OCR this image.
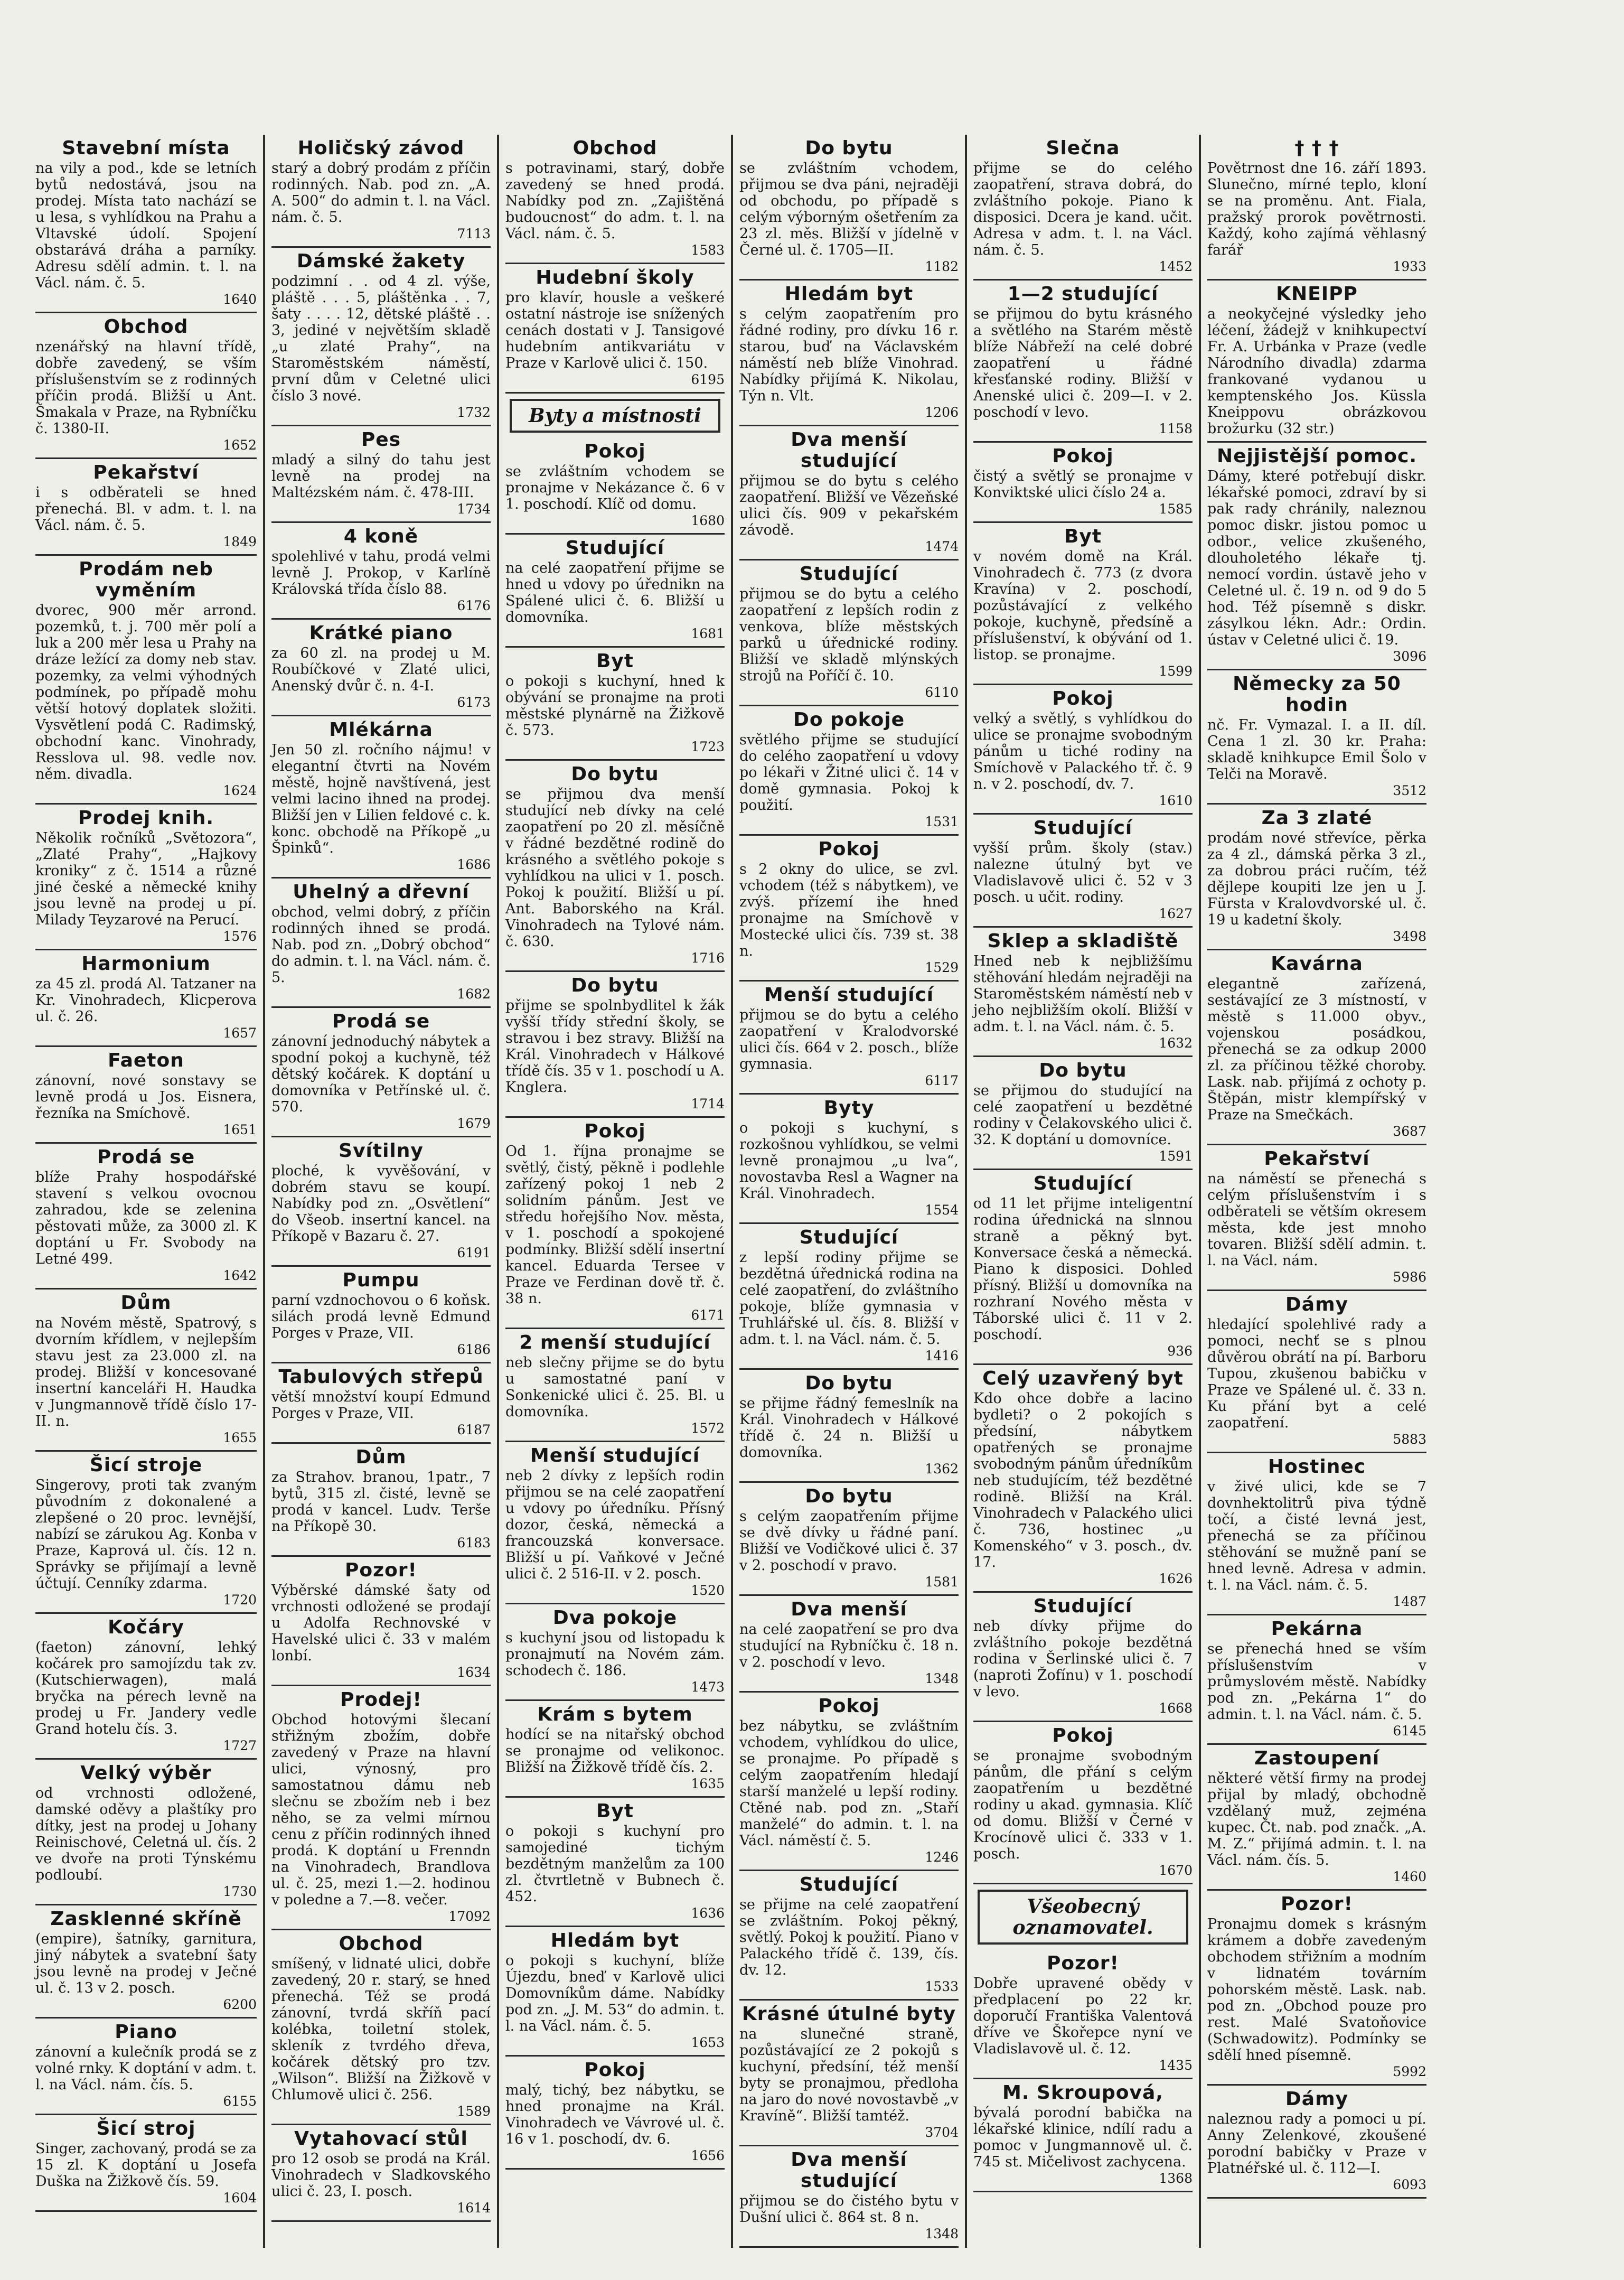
Stavební místa
na vily a pod., kde se letních bytů nedostává, jsou na prodej. Místa tato nachází se u lesa, s vyhlídkou na Prahu a Vltavské údolí. Spojení obstarává dráha a parníky. Adresu sdělí admin. t. l. na Václ. nám. č. 5.
1640
Obchod
nzenářský na hlavní třídě, dobře zavedený, se vším příslušenstvím se z rodinných příčin prodá. Bližší u Ant. Šmakala v Praze, na Rybníčku č. 1380-II.
1652
Pekařství
i s odběrateli se hned přenechá. Bl. v adm. t. l. na Václ. nám. č. 5.
1849
Prodám neb vyměním
dvorec, 900 měr arrond. pozemků, t. j. 700 měr polí a luk a 200 měr lesa u Prahy na dráze ležící za domy neb stav. pozemky, za velmi výhodných podmínek, po případě mohu větší hotový doplatek složiti. Vysvětlení podá C. Radimský, obchodní kanc. Vinohrady, Resslova ul. 98. vedle nov. něm. divadla.
1624
Prodej knih.
Několik ročníků „Světozora“, „Zlaté Prahy“, „Hajkovy kroniky“ z č. 1514 a různé jiné české a německé knihy jsou levně na prodej u pí. Milady Teyzarové na Perucí.
1576
Harmonium
za 45 zl. prodá Al. Tatzaner na Kr. Vinohradech, Klicperova ul. č. 26.
1657
Faeton
zánovní, nové sonstavy se levně prodá u Jos. Eisnera, řezníka na Smíchově.
1651
Prodá se
blíže Prahy hospodářské stavení s velkou ovocnou zahradou, kde se zelenina pěstovati může, za 3000 zl. K doptání u Fr. Svobody na Letné 499.
1642
Dům
na Novém městě, Spatrový, s dvorním křídlem, v nejlepším stavu jest za 23.000 zl. na prodej. Bližší v koncesované insertní kanceláři H. Haudka v Jungmannově třídě číslo 17-II. n.
1655
Šicí stroje
Singerovy, proti tak zvaným původním z dokonalené a zlepšené o 20 proc. levnější, nabízí se zárukou Ag. Konba v Praze, Kaprová ul. čís. 12 n. Správky se přijímají a levně účtují. Cenníky zdarma.
1720
Kočáry
(faeton) zánovní, lehký kočárek pro samojízdu tak zv. (Kutschierwagen), malá bryčka na pérech levně na prodej u Fr. Jandery vedle Grand hotelu čís. 3.
1727
Velký výběr
od vrchnosti odložené, damské oděvy a plaštíky pro dítky, jest na prodej u Johany Reinischové, Celetná ul. čís. 2 ve dvoře na proti Týnskému podloubí.
1730
Zasklenné skříně
(empire), šatníky, garnitura, jiný nábytek a svatební šaty jsou levně na prodej v Ječné ul. č. 13 v 2. posch.
6200
Piano
zánovní a kulečník prodá se z volné rnky. K doptání v adm. t. l. na Václ. nám. čís. 5.
6155
Šicí stroj
Singer, zachovaný, prodá se za 15 zl. K doptání u Josefa Duška na Žižkově čís. 59.
1604
Holičský závod
starý a dobrý prodám z příčin rodinných. Nab. pod zn. „A. A. 500“ do admin t. l. na Václ. nám. č. 5.
7113
Dámské žakety
podzimní . . od 4 zl. výše, pláště . . . 5, pláštěnka . . 7, šaty . . . . 12, dětské pláště . . 3, jediné v největším skladě „u zlaté Prahy“, na Staroměstském náměstí, první dům v Celetné ulici číslo 3 nové.
1732
Pes
mladý a silný do tahu jest levně na prodej na Maltézském nám. č. 478-III.
1734
4 koně
spolehlivé v tahu, prodá velmi levně J. Prokop, v Karlíně Královská třída číslo 88.
6176
Krátké piano
za 60 zl. na prodej u M. Roubíčkové v Zlaté ulici, Anenský dvůr č. n. 4-I.
6173
Mlékárna
Jen 50 zl. ročního nájmu! v elegantní čtvrti na Novém městě, hojně navštívená, jest velmi lacino ihned na prodej. Bližší jen v Lilien feldové c. k. konc. obchodě na Příkopě „u Špinků“.
1686
Uhelný a dřevní
obchod, velmi dobrý, z příčin rodinných ihned se prodá. Nab. pod zn. „Dobrý obchod“ do admin. t. l. na Václ. nám. č. 5.
1682
Prodá se
zánovní jednoduchý nábytek a spodní pokoj a kuchyně, též dětský kočárek. K doptání u domovníka v Petřínské ul. č. 570.
1679
Svítilny
ploché, k vyvěšování, v dobrém stavu se koupí. Nabídky pod zn. „Osvětlení“ do Všeob. insertní kancel. na Příkopě v Bazaru č. 27.
6191
Pumpu
parní vzdnochovou o 6 koňsk. silách prodá levně Edmund Porges v Praze, VII.
6186
Tabulových střepů
větší množství koupí Edmund Porges v Praze, VII.
6187
Dům
za Strahov. branou, 1patr., 7 bytů, 315 zl. čisté, levně se prodá v kancel. Ludv. Terše na Příkopě 30.
6183
Pozor!
Výběrské dámské šaty od vrchnosti odložené se prodají u Adolfa Rechnovské v Havelské ulici č. 33 v malém lonbí.
1634
Prodej!
Obchod hotovými šlecaní střižným zbožím, dobře zavedený v Praze na hlavní ulici, výnosný, pro samostatnou dámu neb slečnu se zbožím neb i bez něho, se za velmi mírnou cenu z příčin rodinných ihned prodá. K doptání u Frenndn na Vinohradech, Brandlova ul. č. 25, mezi 1.—2. hodinou v poledne a 7.—8. večer.
17092
Obchod
smíšený, v lidnaté ulici, dobře zavedený, 20 r. starý, se hned přenechá. Též se prodá zánovní, tvrdá skříň pací kolébka, toiletní stolek, skleník z tvrdého dřeva, kočárek dětský pro tzv. „Wilson“. Bližší na Žižkově v Chlumově ulici č. 256.
1589
Vytahovací stůl
pro 12 osob se prodá na Král. Vinohradech v Sladkovského ulici č. 23, I. posch.
1614
Obchod
s potravinami, starý, dobře zavedený se hned prodá. Nabídky pod zn. „Zajištěná budoucnost“ do adm. t. l. na Václ. nám. č. 5.
1583
Hudební školy
pro klavír, housle a veškeré ostatní nástroje ise snížených cenách dostati v J. Tansigové hudebním antikvariátu v Praze v Karlově ulici č. 150.
6195
Byty a místnosti
Pokoj
se zvláštním vchodem se pronajme v Nekázance č. 6 v 1. poschodí. Klíč od domu.
1680
Studující
na celé zaopatření přijme se hned u vdovy po úřednikn na Spálené ulici č. 6. Bližší u domovníka.
1681
Byt
o pokoji s kuchyní, hned k obývání se pronajme na proti městské plynárně na Žižkově č. 573.
1723
Do bytu
se přijmou dva menší studující neb dívky na celé zaopatření po 20 zl. měsíčně v řádné bezdětné rodině do krásného a světlého pokoje s vyhlídkou na ulici v 1. posch. Pokoj k použití. Bližší u pí. Ant. Baborského na Král. Vinohradech na Tylové nám. č. 630.
1716
Do bytu
přijme se spolnbydlitel k žák vyšší třídy střední školy, se stravou i bez stravy. Bližší na Král. Vinohradech v Hálkové třídě čís. 35 v 1. poschodí u A. Knglera.
1714
Pokoj
Od 1. října pronajme se světlý, čistý, pěkně i podlehle zařízený pokoj 1 neb 2 solidním pánům. Jest ve středu hořejšího Nov. města, v 1. poschodí a spokojené podmínky. Bližší sdělí insertní kancel. Eduarda Tersee v Praze ve Ferdinan dově tř. č. 38 n.
6171
2 menší studující
neb slečny přijme se do bytu u samostatné paní v Sonkenické ulici č. 25. Bl. u domovníka.
1572
Menší studující
neb 2 dívky z lepších rodin přijmou se na celé zaopatření u vdovy po úředníku. Přísný dozor, česká, německá a francouzská konversace. Bližší u pí. Vaňkové v Ječné ulici č. 2 516-II. v 2. posch.
1520
Dva pokoje
s kuchyní jsou od listopadu k pronajmutí na Novém zám. schodech č. 186.
1473
Krám s bytem
hodící se na nitařský obchod se pronajme od velikonoc. Bližší na Žižkově třídě čís. 2.
1635
Byt
o pokoji s kuchyní pro samojediné tichým bezdětným manželům za 100 zl. čtvrtletně v Bubnech č. 452.
1636
Hledám byt
o pokoji s kuchyní, blíže Újezdu, bneď v Karlově ulici Domovníkům dáme. Nabídky pod zn. „J. M. 53“ do admin. t. l. na Václ. nám. č. 5.
1653
Pokoj
malý, tichý, bez nábytku, se hned pronajme na Král. Vinohradech ve Vávrové ul. č. 16 v 1. poschodí, dv. 6.
1656
Do bytu
se zvláštním vchodem, přijmou se dva páni, nejraději od obchodu, po případě s celým výborným ošetřením za 23 zl. měs. Bližší v jídelně v Černé ul. č. 1705—II.
1182
Hledám byt
s celým zaopatřením pro řádné rodiny, pro dívku 16 r. starou, buď na Václavském náměstí neb blíže Vinohrad. Nabídky přijímá K. Nikolau, Týn n. Vlt.
1206
Dva menší studující
přijmou se do bytu s celého zaopatření. Bližší ve Vězeňské ulici čís. 909 v pekařském závodě.
1474
Studující
přijmou se do bytu a celého zaopatření z lepších rodin z venkova, blíže městských parků u úřednické rodiny. Bližší ve skladě mlýnských strojů na Poříčí č. 10.
6110
Do pokoje
světlého přijme se studující do celého zaopatření u vdovy po lékaři v Žitné ulici č. 14 v domě gymnasia. Pokoj k použití.
1531
Pokoj
s 2 okny do ulice, se zvl. vchodem (též s nábytkem), ve zvýš. přízemí ihe hned pronajme na Smíchově v Mostecké ulici čís. 739 st. 38 n.
1529
Menší studující
přijmou se do bytu a celého zaopatření v Kralodvorské ulici čís. 664 v 2. posch., blíže gymnasia.
6117
Byty
o pokoji s kuchyní, s rozkošnou vyhlídkou, se velmi levně pronajmou „u lva“, novostavba Resl a Wagner na Král. Vinohradech.
1554
Studující
z lepší rodiny přijme se bezdětná úřednická rodina na celé zaopatření, do zvláštního pokoje, blíže gymnasia v Truhlářské ul. čís. 8. Bližší v adm. t. l. na Václ. nám. č. 5.
1416
Do bytu
se přijme řádný femeslník na Král. Vinohradech v Hálkové třídě č. 24 n. Bližší u domovníka.
1362
Do bytu
s celým zaopatřením přijme se dvě dívky u řádné paní. Bližší ve Vodičkové ulici č. 37 v 2. poschodí v pravo.
1581
Dva menší
na celé zaopatření se pro dva studující na Rybníčku č. 18 n. v 2. poschodí v levo.
1348
Pokoj
bez nábytku, se zvláštním vchodem, vyhlídkou do ulice, se pronajme. Po případě s celým zaopatřením hledají starší manželé u lepší rodiny. Ctěné nab. pod zn. „Staří manželé“ do admin. t. l. na Václ. náměstí č. 5.
1246
Studující
se přijme na celé zaopatření se zvláštním. Pokoj pěkný, světlý. Pokoj k použití. Piano v Palackého třídě č. 139, čís. dv. 12.
1533
Krásné útulné byty
na slunečné straně, pozůstávající ze 2 pokojů s kuchyní, předsíní, též menší byty se pronajmou, předloha na jaro do nové novostavbě „v Kravíně“. Bližší tamtéž.
3704
Dva menší studující
přijmou se do čistého bytu v Dušní ulici č. 864 st. 8 n.
1348
Slečna
přijme se do celého zaopatření, strava dobrá, do zvláštního pokoje. Piano k disposici. Dcera je kand. učit. Adresa v adm. t. l. na Václ. nám. č. 5.
1452
1—2 studující
se přijmou do bytu krásného a světlého na Starém městě blíže Nábřeží na celé dobré zaopatření u řádné křesťanské rodiny. Bližší v Anenské ulici č. 209—I. v 2. poschodí v levo.
1158
Pokoj
čistý a světlý se pronajme v Konviktské ulici číslo 24 a.
1585
Byt
v novém domě na Král. Vinohradech č. 773 (z dvora Kravína) v 2. poschodí, pozůstávající z velkého pokoje, kuchyně, předsíně a příslušenství, k obývání od 1. listop. se pronajme.
1599
Pokoj
velký a světlý, s vyhlídkou do ulice se pronajme svobodným pánům u tiché rodiny na Smíchově v Palackého tř. č. 9 n. v 2. poschodí, dv. 7.
1610
Studující
vyšší prům. školy (stav.) nalezne útulný byt ve Vladislavově ulici č. 52 v 3 posch. u učit. rodiny.
1627
Sklep a skladiště
Hned neb k nejbližšímu stěhování hledám nejraději na Staroměstském náměstí neb v jeho nejbližším okolí. Bližší v adm. t. l. na Václ. nám. č. 5.
1632
Do bytu
se přijmou do studující na celé zaopatření u bezdětné rodiny v Čelakovského ulici č. 32. K doptání u domovníce.
1591
Studující
od 11 let přijme inteligentní rodina úřednická na slnnou straně a pěkný byt. Konversace česká a německá. Piano k disposici. Dohled přísný. Bližší u domovníka na rozhraní Nového města v Táborské ulici č. 11 v 2. poschodí.
936
Celý uzavřený byt
Kdo ohce dobře a lacino bydleti? o 2 pokojích s předsíní, nábytkem opatřených se pronajme svobodným pánům úředníkům neb studujícím, též bezdětné rodině. Bližší na Král. Vinohradech v Palackého ulici č. 736, hostinec „u Komenského“ v 3. posch., dv. 17.
1626
Studující
neb dívky přijme do zvláštního pokoje bezdětná rodina v Šerlinské ulici č. 7 (naproti Žofínu) v 1. poschodí v levo.
1668
Pokoj
se pronajme svobodným pánům, dle přání s celým zaopatřením u bezdětné rodiny u akad. gymnasia. Klíč od domu. Bližší v Černé v Krocínově ulici č. 333 v 1. posch.
1670
Všeobecný oznamovatel.
Pozor!
Dobře upravené obědy v předplacení po 22 kr. doporučí Františka Valentová dříve ve Škořepce nyní ve Vladislavově ul. č. 12.
1435
M. Skroupová,
bývalá porodní babička na lékařské klinice, ndílí radu a pomoc v Jungmannově ul. č. 745 st. Mičelivost zachycena.
1368
† † †
Povětrnost dne 16. září 1893. Slunečno, mírné teplo, kloní se na proměnu. Ant. Fiala, pražský prorok povětrnosti. Každý, koho zajímá věhlasný farář
1933
KNEIPP
a neokyčejné výsledky jeho léčení, žádejž v knihkupectví Fr. A. Urbánka v Praze (vedle Národního divadla) zdarma frankované vydanou u kemptenského Jos. Küssla Kneippovu obrázkovou brožurku (32 str.)
Nejjistější pomoc.
Dámy, které potřebují diskr. lékařské pomoci, zdraví by si pak rady chránily, naleznou pomoc diskr. jistou pomoc u odbor., velice zkušeného, dlouholetého lékaře tj. nemocí vordin. ústavě jeho v Celetné ul. č. 19 n. od 9 do 5 hod. Též písemně s diskr. zásylkou lékn. Adr.: Ordin. ústav v Celetné ulici č. 19.
3096
Německy za 50 hodin
nč. Fr. Vymazal. I. a II. díl. Cena 1 zl. 30 kr. Praha: skladě knihkupce Emil Šolo v Telči na Moravě.
3512
Za 3 zlaté
prodám nové střevíce, pěrka za 4 zl., dámská pěrka 3 zl., za dobrou práci ručím, též dějlepe koupiti lze jen u J. Fürsta v Kralovdvorské ul. č. 19 u kadetní školy.
3498
Kavárna
elegantně zařízená, sestávající ze 3 místností, v městě s 11.000 obyv., vojenskou posádkou, přenechá se za odkup 2000 zl. za příčinou těžké choroby. Lask. nab. přijímá z ochoty p. Štěpán, mistr klempířský v Praze na Smečkách.
3687
Pekařství
na náměstí se přenechá s celým příslušenstvím i s odběrateli se větším okresem města, kde jest mnoho tovaren. Bližší sdělí admin. t. l. na Václ. nám.
5986
Dámy
hledající spolehlivé rady a pomoci, nechť se s plnou důvěrou obrátí na pí. Barboru Tupou, zkušenou babičku v Praze ve Spálené ul. č. 33 n. Ku přání byt a celé zaopatření.
5883
Hostinec
v živé ulici, kde se 7 dovnhektolitrů piva týdně točí, a čisté levná jest, přenechá se za příčinou stěhování se mužně paní se hned levně. Adresa v admin. t. l. na Václ. nám. č. 5.
1487
Pekárna
se přenechá hned se vším příslušenstvím v průmyslovém městě. Nabídky pod zn. „Pekárna 1“ do admin. t. l. na Václ. nám. č. 5.
6145
Zastoupení
některé větší firmy na prodej přijal by mladý, obchodně vzdělaný muž, zejména kupec. Čt. nab. pod značk. „A. M. Z.“ přijímá admin. t. l. na Václ. nám. čís. 5.
1460
Pozor!
Pronajmu domek s krásným krámem a dobře zavedeným obchodem střižním a modním v lidnatém továrním pohorském městě. Lask. nab. pod zn. „Obchod pouze pro rest. Malé Svatoňovice (Schwadowitz). Podmínky se sdělí hned písemně.
5992
Dámy
naleznou rady a pomoci u pí. Anny Zelenkové, zkoušené porodní babičky v Praze v Platnéřské ul. č. 112—I.
6093
